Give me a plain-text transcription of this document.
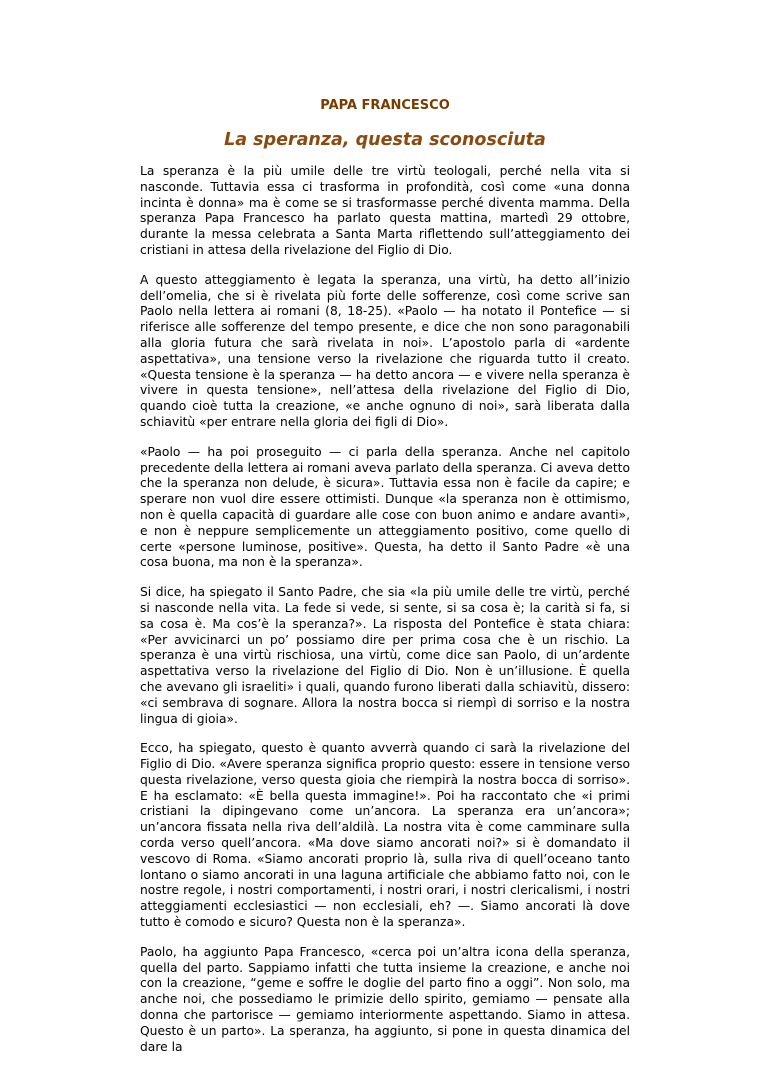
PAPA FRANCESCO
La speranza, questa sconosciuta

La speranza è la più umile delle tre virtù teologali, perché nella vita si nasconde. Tuttavia essa ci trasforma in profondità, così come «una donna incinta è donna» ma è come se si trasformasse perché diventa mamma. Della speranza Papa Francesco ha parlato questa mattina, martedì 29 ottobre, durante la messa celebrata a Santa Marta riflettendo sull’atteggiamento dei cristiani in attesa della rivelazione del Figlio di Dio.

A questo atteggiamento è legata la speranza, una virtù, ha detto all’inizio dell’omelia, che si è rivelata più forte delle sofferenze, così come scrive san Paolo nella lettera ai romani (8, 18-25). «Paolo — ha notato il Pontefice — si riferisce alle sofferenze del tempo presente, e dice che non sono paragonabili alla gloria futura che sarà rivelata in noi». L’apostolo parla di «ardente aspettativa», una tensione verso la rivelazione che riguarda tutto il creato. «Questa tensione è la speranza — ha detto ancora — e vivere nella speranza è vivere in questa tensione», nell’attesa della rivelazione del Figlio di Dio, quando cioè tutta la creazione, «e anche ognuno di noi», sarà liberata dalla schiavitù «per entrare nella gloria dei figli di Dio».

«Paolo — ha poi proseguito — ci parla della speranza. Anche nel capitolo precedente della lettera ai romani aveva parlato della speranza. Ci aveva detto che la speranza non delude, è sicura». Tuttavia essa non è facile da capire; e sperare non vuol dire essere ottimisti. Dunque «la speranza non è ottimismo, non è quella capacità di guardare alle cose con buon animo e andare avanti», e non è neppure semplicemente un atteggiamento positivo, come quello di certe «persone luminose, positive». Questa, ha detto il Santo Padre «è una cosa buona, ma non è la speranza».

Si dice, ha spiegato il Santo Padre, che sia «la più umile delle tre virtù, perché si nasconde nella vita. La fede si vede, si sente, si sa cosa è; la carità si fa, si sa cosa è. Ma cos’è la speranza?». La risposta del Pontefice è stata chiara: «Per avvicinarci un po’ possiamo dire per prima cosa che è un rischio. La speranza è una virtù rischiosa, una virtù, come dice san Paolo, di un’ardente aspettativa verso la rivelazione del Figlio di Dio. Non è un’illusione. È quella che avevano gli israeliti» i quali, quando furono liberati dalla schiavitù, dissero: «ci sembrava di sognare. Allora la nostra bocca si riempì di sorriso e la nostra lingua di gioia».

Ecco, ha spiegato, questo è quanto avverrà quando ci sarà la rivelazione del Figlio di Dio. «Avere speranza significa proprio questo: essere in tensione verso questa rivelazione, verso questa gioia che riempirà la nostra bocca di sorriso». E ha esclamato: «È bella questa immagine!». Poi ha raccontato che «i primi cristiani la dipingevano come un’ancora. La speranza era un’ancora»; un’ancora fissata nella riva dell’aldilà. La nostra vita è come camminare sulla corda verso quell’ancora. «Ma dove siamo ancorati noi?» si è domandato il vescovo di Roma. «Siamo ancorati proprio là, sulla riva di quell’oceano tanto lontano o siamo ancorati in una laguna artificiale che abbiamo fatto noi, con le nostre regole, i nostri comportamenti, i nostri orari, i nostri clericalismi, i nostri atteggiamenti ecclesiastici — non ecclesiali, eh? —. Siamo ancorati là dove tutto è comodo e sicuro? Questa non è la speranza».

Paolo, ha aggiunto Papa Francesco, «cerca poi un’altra icona della speranza, quella del parto. Sappiamo infatti che tutta insieme la creazione, e anche noi con la creazione, “geme e soffre le doglie del parto fino a oggi”. Non solo, ma anche noi, che possediamo le primizie dello spirito, gemiamo — pensate alla donna che partorisce — gemiamo interiormente aspettando. Siamo in attesa. Questo è un parto». La speranza, ha aggiunto, si pone in questa dinamica del dare la
